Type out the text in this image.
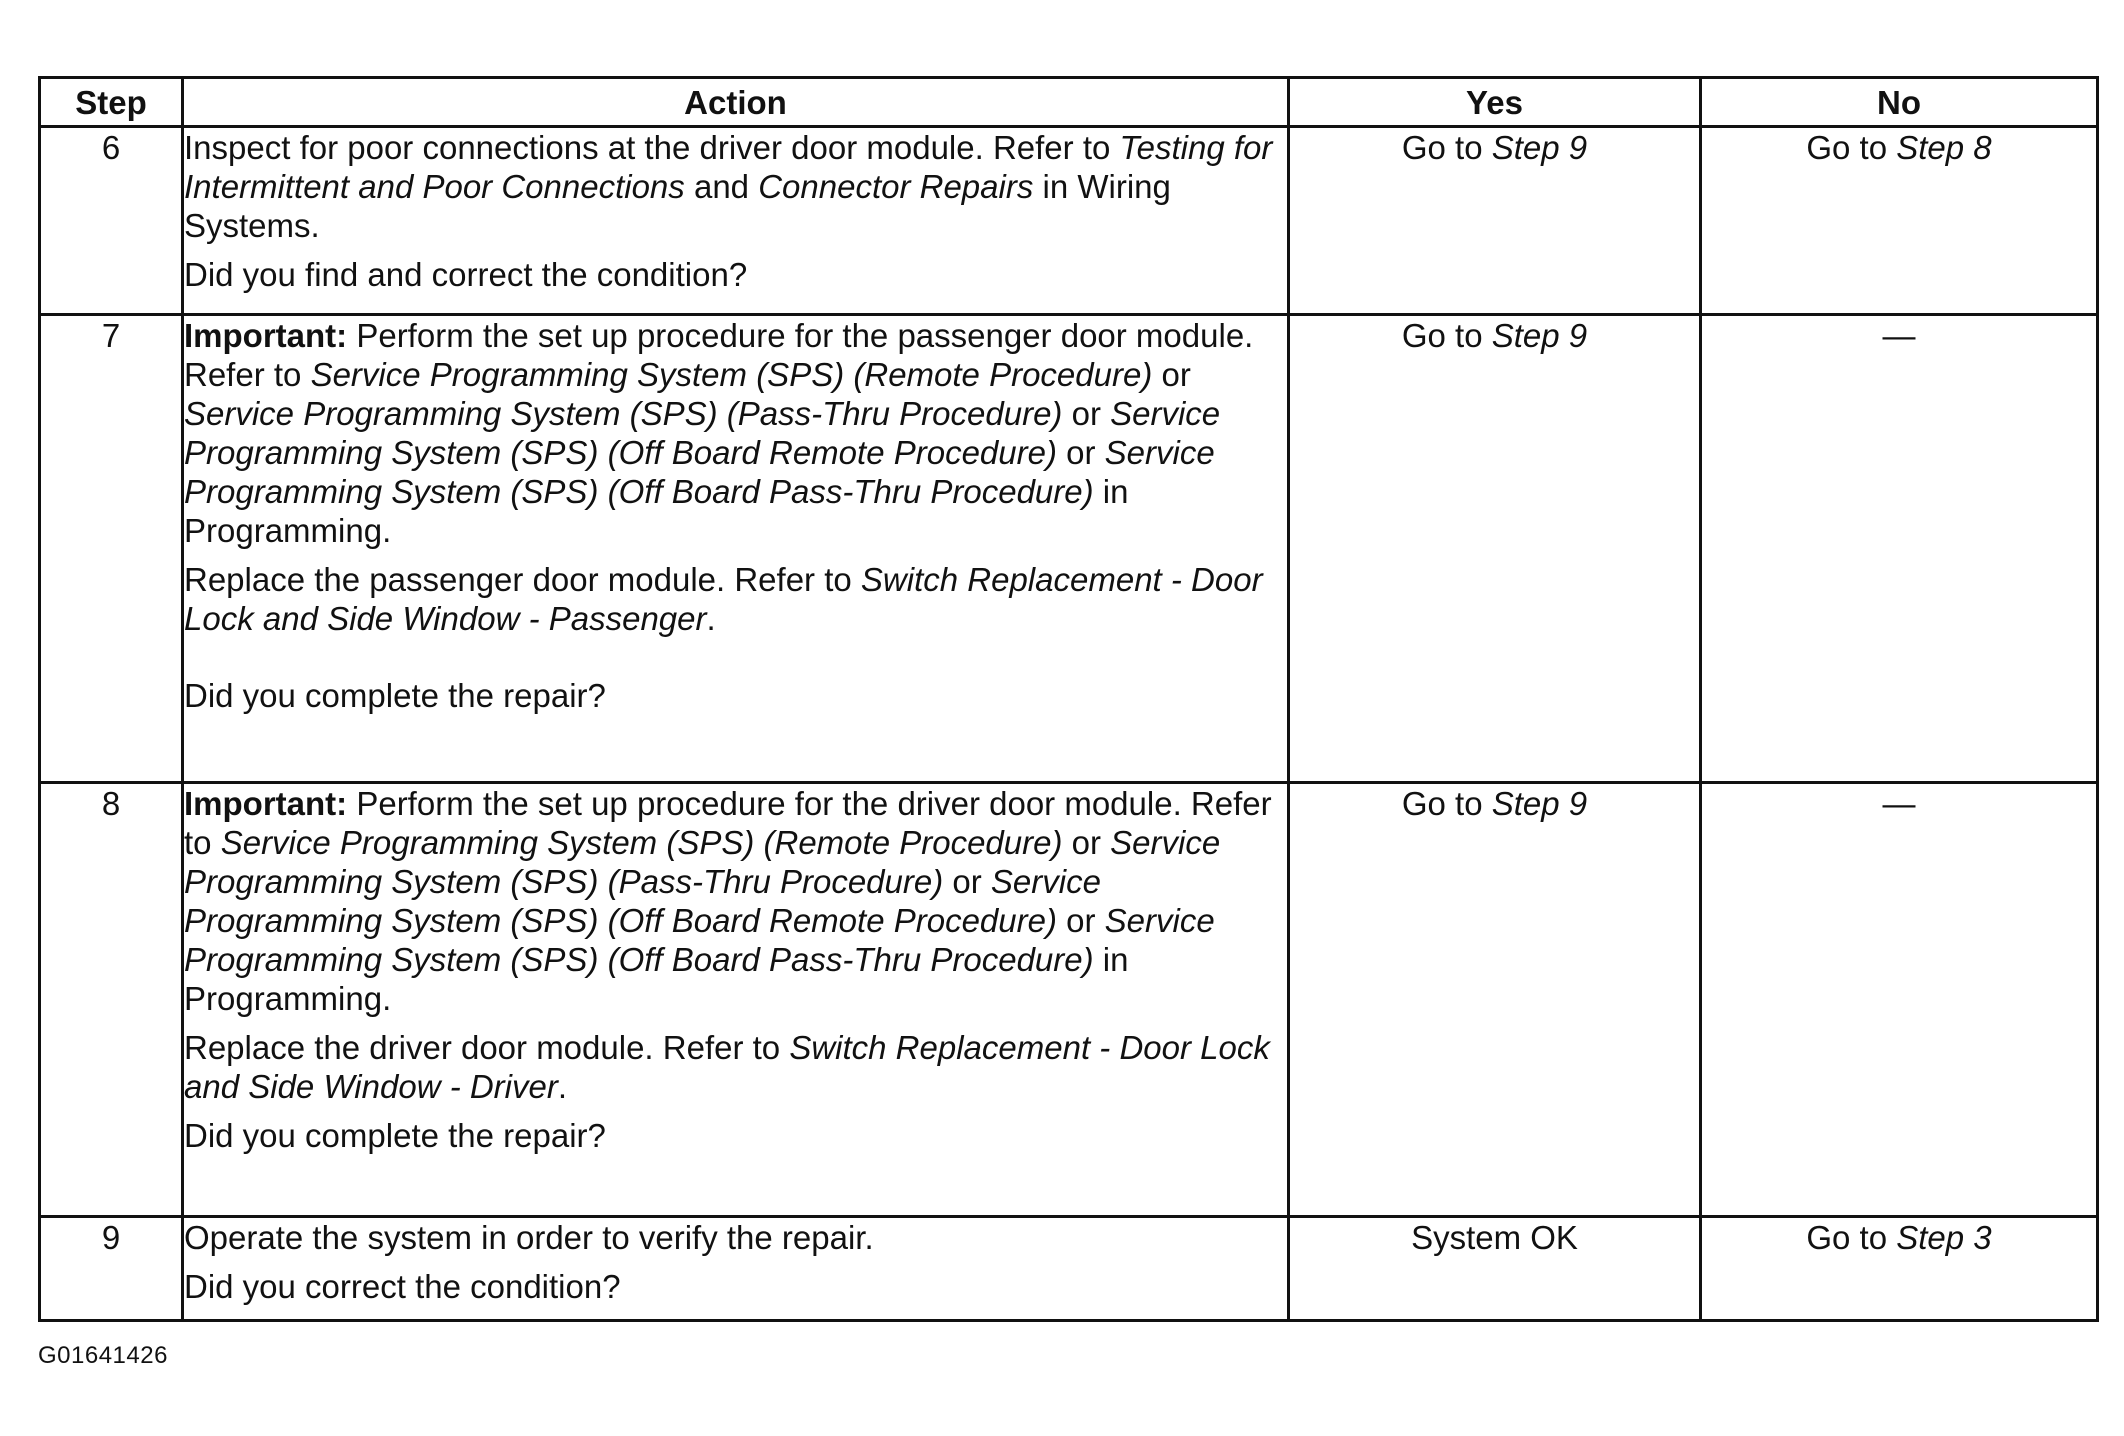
Step	Action	Yes	No
6	Inspect for poor connections at the driver door module. Refer to Testing for Intermittent and Poor Connections and Connector Repairs in Wiring Systems.

Did you find and correct the condition?	Go to Step 9	Go to Step 8
7	Important: Perform the set up procedure for the passenger door module. Refer to Service Programming System (SPS) (Remote Procedure) or Service Programming System (SPS) (Pass-Thru Procedure) or Service Programming System (SPS) (Off Board Remote Procedure) or Service Programming System (SPS) (Off Board Pass-Thru Procedure) in Programming.

Replace the passenger door module. Refer to Switch Replacement - Door Lock and Side Window - Passenger.

Did you complete the repair?	Go to Step 9	—
8	Important: Perform the set up procedure for the driver door module. Refer to Service Programming System (SPS) (Remote Procedure) or Service Programming System (SPS) (Pass-Thru Procedure) or Service Programming System (SPS) (Off Board Remote Procedure) or Service Programming System (SPS) (Off Board Pass-Thru Procedure) in Programming.

Replace the driver door module. Refer to Switch Replacement - Door Lock and Side Window - Driver.

Did you complete the repair?	Go to Step 9	—
9	Operate the system in order to verify the repair.

Did you correct the condition?	System OK	Go to Step 3
G01641426
